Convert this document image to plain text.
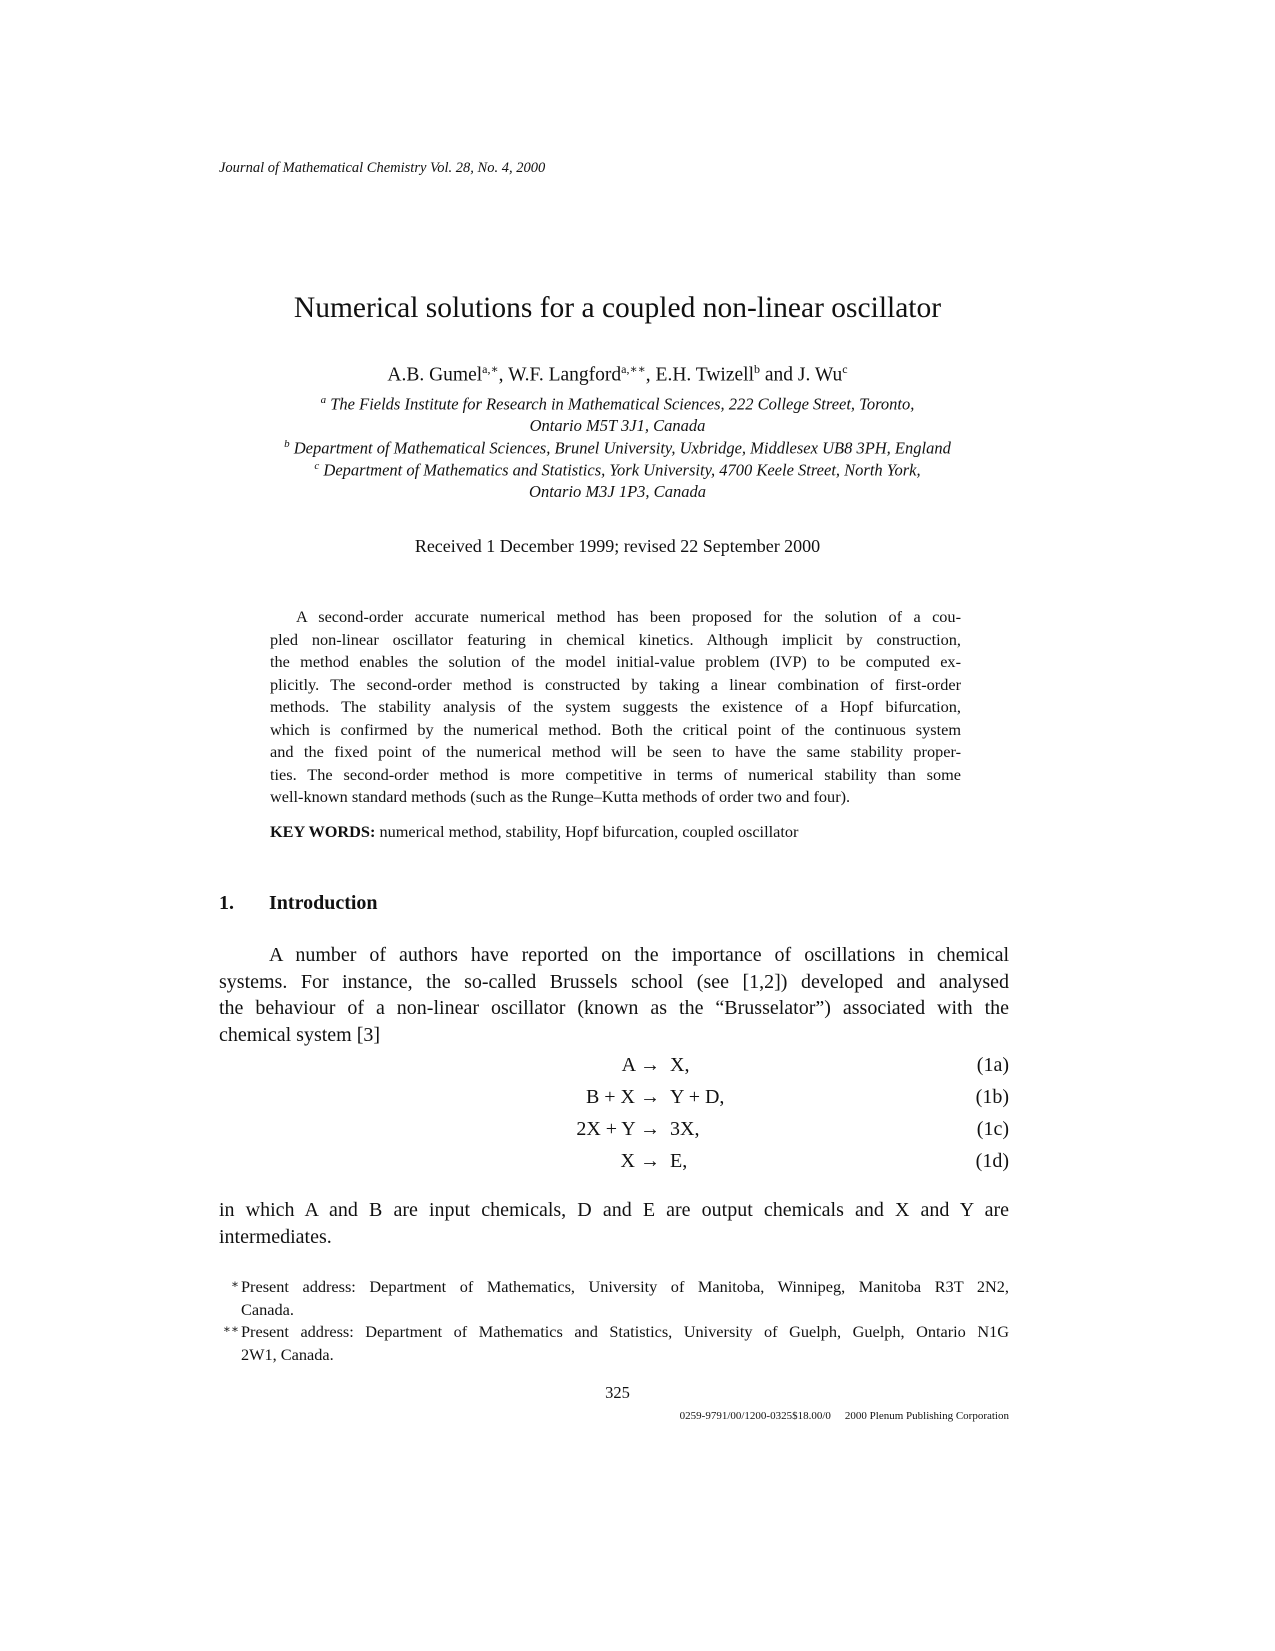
Journal of Mathematical Chemistry Vol. 28, No. 4, 2000
Numerical solutions for a coupled non-linear oscillator
A.B. Gumel$^{a,∗}$, W.F. Langford$^{a,∗∗}$, E.H. Twizell$^b$ and J. Wu$^c$
$^a$ The Fields Institute for Research in Mathematical Sciences, 222 College Street, Toronto,
Ontario M5T 3J1, Canada
$^b$ Department of Mathematical Sciences, Brunel University, Uxbridge, Middlesex UB8 3PH, England
$^c$ Department of Mathematics and Statistics, York University, 4700 Keele Street, North York,
Ontario M3J 1P3, Canada
Received 1 December 1999; revised 22 September 2000
A second-order accurate numerical method has been proposed for the solution of a cou-
pled non-linear oscillator featuring in chemical kinetics. Although implicit by construction,
the method enables the solution of the model initial-value problem (IVP) to be computed ex-
plicitly. The second-order method is constructed by taking a linear combination of first-order
methods. The stability analysis of the system suggests the existence of a Hopf bifurcation,
which is confirmed by the numerical method. Both the critical point of the continuous system
and the fixed point of the numerical method will be seen to have the same stability proper-
ties. The second-order method is more competitive in terms of numerical stability than some
well-known standard methods (such as the Runge–Kutta methods of order two and four).
KEY WORDS: numerical method, stability, Hopf bifurcation, coupled oscillator
1. Introduction
A number of authors have reported on the importance of oscillations in chemical
systems. For instance, the so-called Brussels school (see [1,2]) developed and analysed
the behaviour of a non-linear oscillator (known as the “Brusselator”) associated with the
chemical system [3]
A → X,	(1a)
B + X → Y + D,	(1b)
2X + Y → 3X,	(1c)
X → E,	(1d)
in which A and B are input chemicals, D and E are output chemicals and X and Y are
intermediates.
∗ Present address: Department of Mathematics, University of Manitoba, Winnipeg, Manitoba R3T 2N2,
Canada.
∗∗ Present address: Department of Mathematics and Statistics, University of Guelph, Guelph, Ontario N1G
2W1, Canada.
325
0259-9791/00/1200-0325$18.00/0 2000 Plenum Publishing Corporation
